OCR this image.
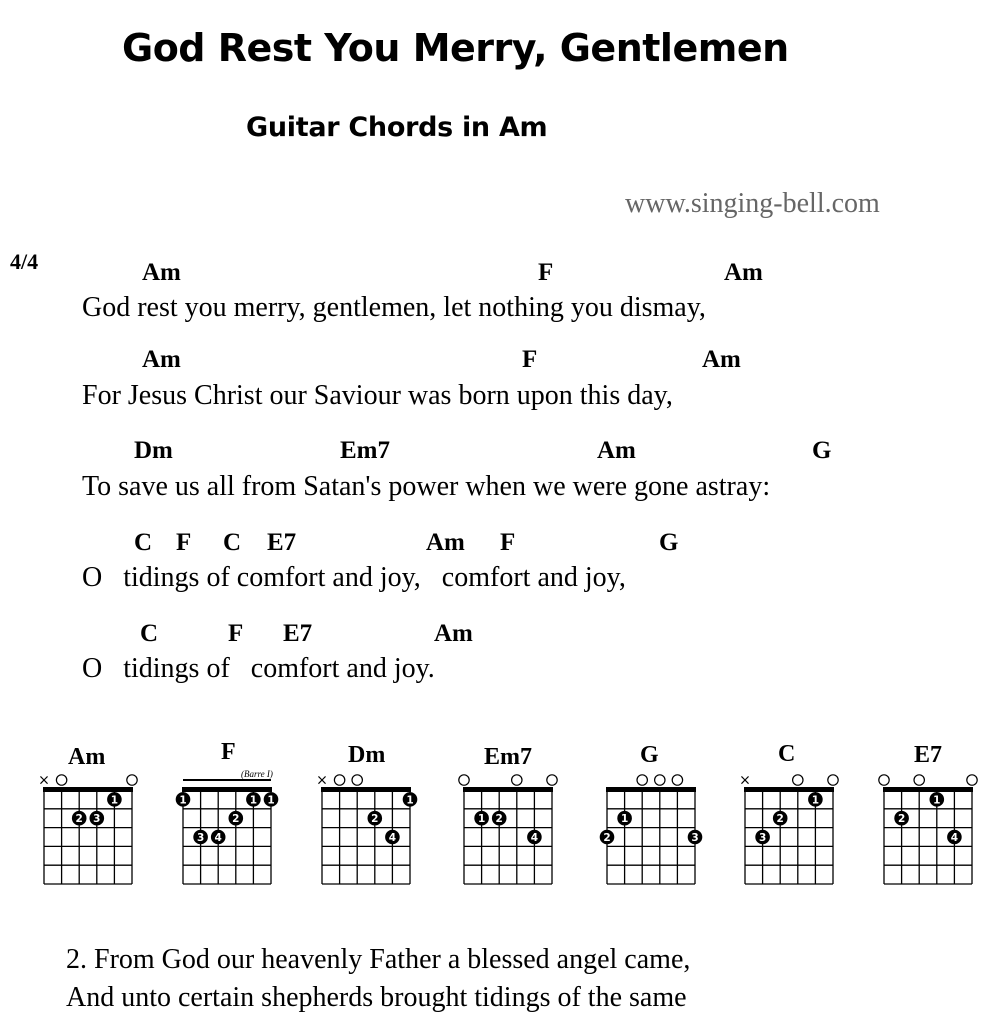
God Rest You Merry, Gentlemen
Guitar Chords in Am
www.singing-bell.com
4/4	Am	F	Am
God rest you merry, gentlemen, let nothing you dismay,
Am	F	Am
For Jesus Christ our Saviour was born upon this day,
Dm	Em7	Am	G
To save us all from Satan's power when we were gone astray:
C F C E7	Am F	G
O   tidings of comfort and joy,   comfort and joy,
C	F E7	Am
O   tidings of   comfort and joy.
Am
×
1
2 3
F
(Barre I)
1	1 1
2
3 4
Dm
×
1
2
4
Em7
1 2
4
G
1
2	3
C
×
1
2
3
E7
1
2
4
2. From God our heavenly Father a blessed angel came,
And unto certain shepherds brought tidings of the same
